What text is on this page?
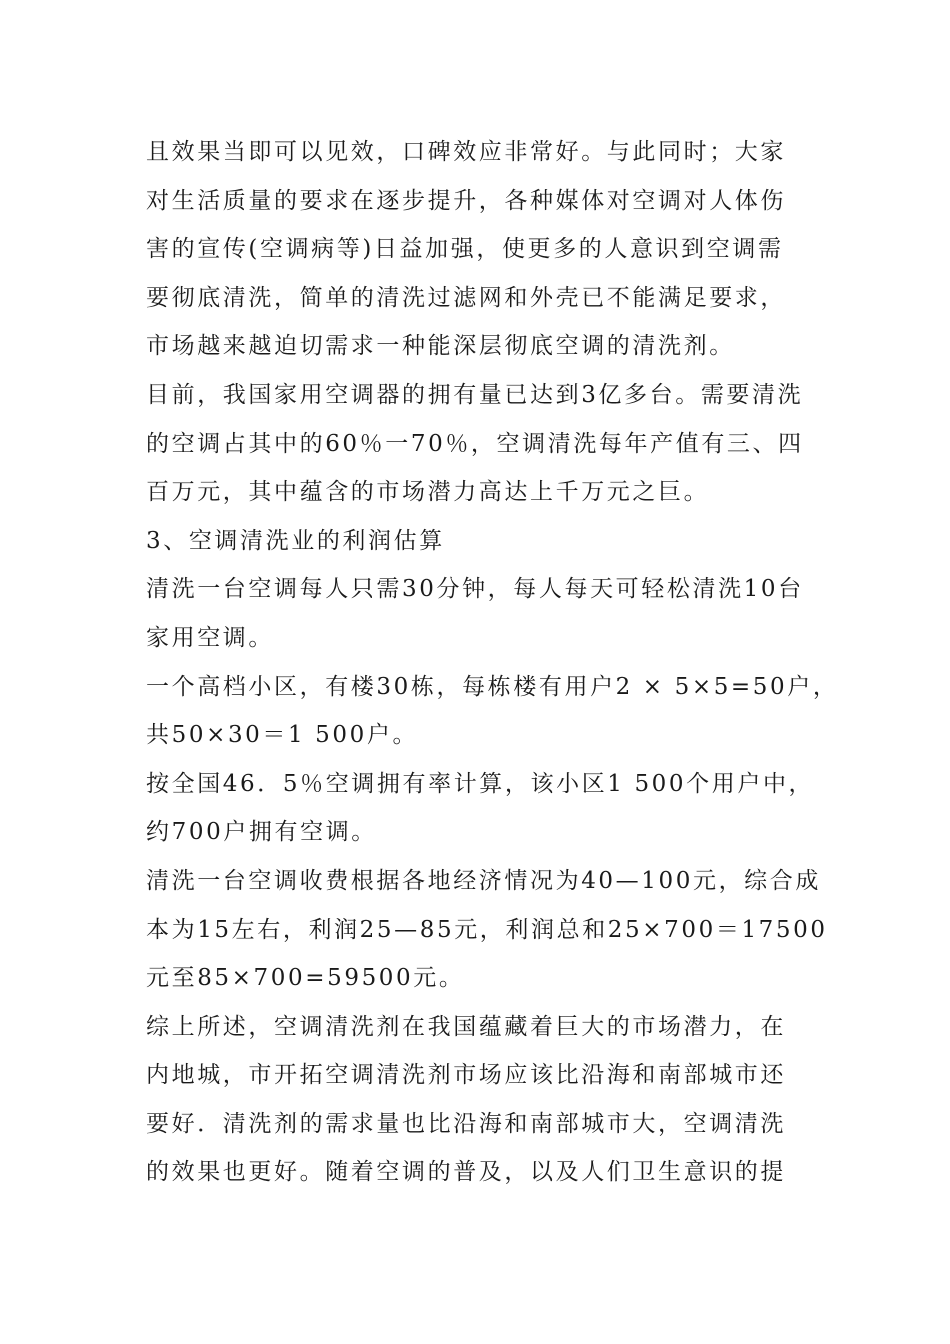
且效果当即可以见效，口碑效应非常好。与此同时；大家
对生活质量的要求在逐步提升，各种媒体对空调对人体伤
害的宣传(空调病等)日益加强，使更多的人意识到空调需
要彻底清洗，简单的清洗过滤网和外壳已不能满足要求，
市场越来越迫切需求一种能深层彻底空调的清洗剂。
目前，我国家用空调器的拥有量已达到3亿多台。需要清洗
的空调占其中的60％一70％，空调清洗每年产值有三、四
百万元，其中蕴含的市场潜力高达上千万元之巨。
3、空调清洗业的利润估算
清洗一台空调每人只需30分钟，每人每天可轻松清洗10台
家用空调。
一个高档小区，有楼30栋，每栋楼有用户2 × 5×5=50户，
共50×30＝1 500户。
按全国46．5％空调拥有率计算，该小区1 500个用户中，
约700户拥有空调。
清洗一台空调收费根据各地经济情况为40—100元，综合成
本为15左右，利润25—85元，利润总和25×700＝17500
元至85×700=59500元。
综上所述，空调清洗剂在我国蕴藏着巨大的市场潜力，在
内地城，市开拓空调清洗剂市场应该比沿海和南部城市还
要好．清洗剂的需求量也比沿海和南部城市大，空调清洗
的效果也更好。随着空调的普及，以及人们卫生意识的提
